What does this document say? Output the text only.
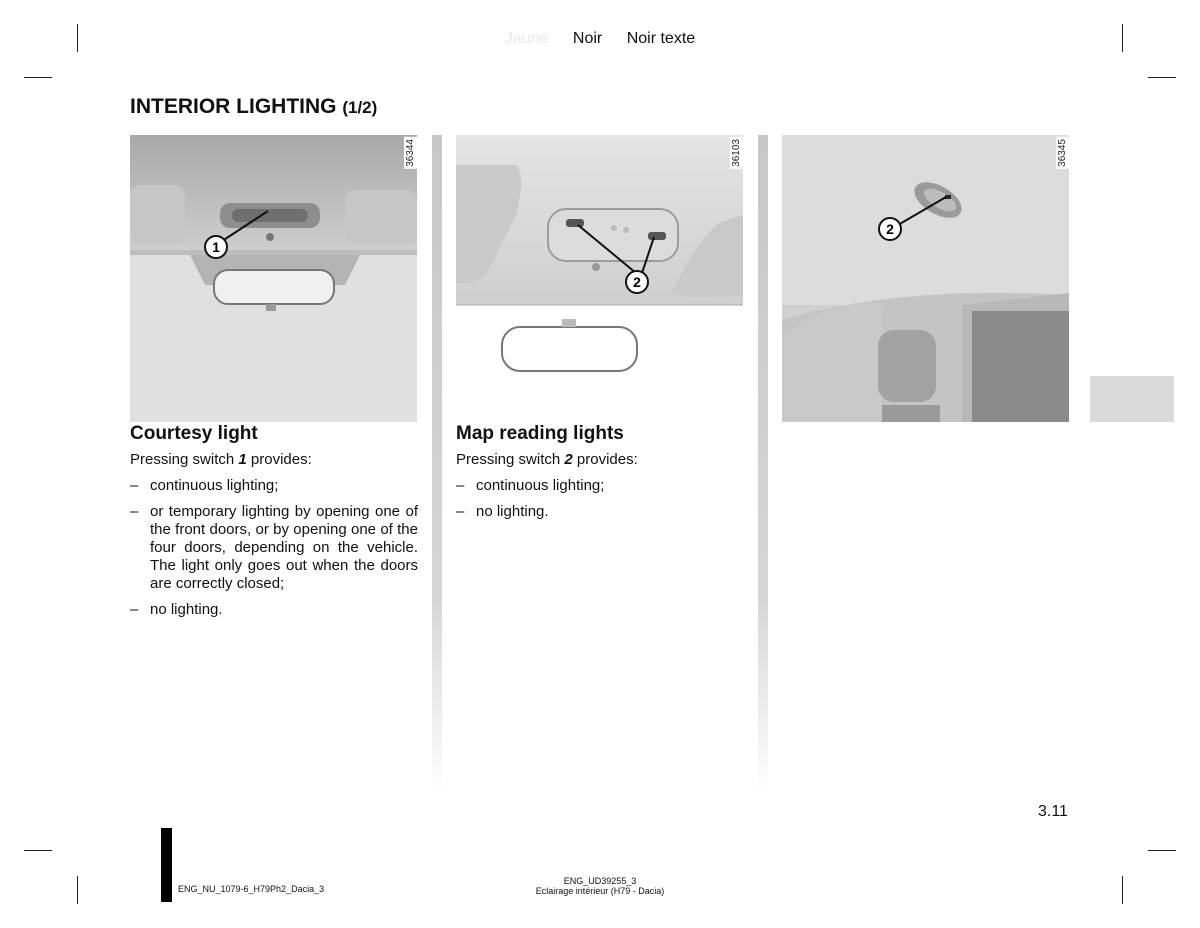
Jaune Noir Noir texte
INTERIOR LIGHTING (1/2)
1
36344
2
36103
2
36345
Courtesy light

Pressing switch 1 provides:

– continuous lighting;
– or temporary lighting by opening one of the front doors, or by opening one of the four doors, depending on the vehicle. The light only goes out when the doors are correctly closed;
– no lighting.
Map reading lights

Pressing switch 2 provides:

– continuous lighting;
– no lighting.
3.11
ENG_NU_1079-6_H79Ph2_Dacia_3
ENG_UD39255_3
Eclairage intérieur (H79 - Dacia)
